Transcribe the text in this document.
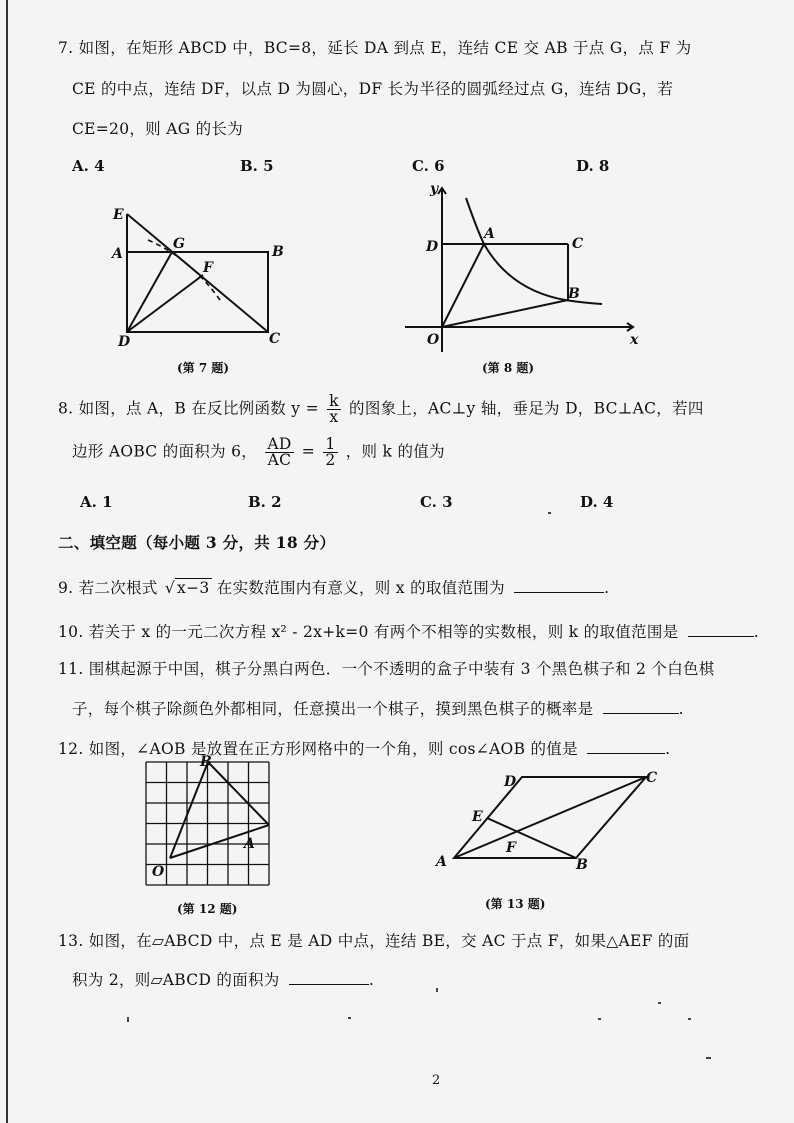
7. 如图，在矩形 ABCD 中，BC=8，延长 DA 到点 E，连结 CE 交 AB 于点 G，点 F 为
CE 的中点，连结 DF，以点 D 为圆心，DF 长为半径的圆弧经过点 G，连结 DG，若
CE=20，则 AG 的长为
A. 4	B. 5	C. 6	D. 8
E
A
G
F
B
D	C
(第 7 题)
y
x
D
A
C
B
O
(第 8 题)
8. 如图，点 A，B 在反比例函数 $y = \frac{k}{x}$ 的图象上，AC⊥y 轴，垂足为 D，BC⊥AC，若四
边形 AOBC 的面积为 6， $\frac{AD}{AC} = \frac{1}{2}$ ，则 k 的值为
A. 1	B. 2	C. 3	D. 4
二、填空题（每小题 3 分，共 18 分）
9. 若二次根式 √ x−3 在实数范围内有意义，则 x 的取值范围为	.
10. 若关于 x 的一元二次方程 x² - 2x+k=0 有两个不相等的实数根，则 k 的取值范围是	.
11. 围棋起源于中国，棋子分黑白两色．一个不透明的盒子中装有 3 个黑色棋子和 2 个白色棋
子，每个棋子除颜色外都相同，任意摸出一个棋子，摸到黑色棋子的概率是	.
12. 如图，∠AOB 是放置在正方形网格中的一个角，则 cos∠AOB 的值是	.
B
A
O
(第 12 题)
D	C
E
F
A	B
(第 13 题)
13. 如图，在▱ABCD 中，点 E 是 AD 中点，连结 BE，交 AC 于点 F，如果△AEF 的面
积为 2，则▱ABCD 的面积为	.
2
